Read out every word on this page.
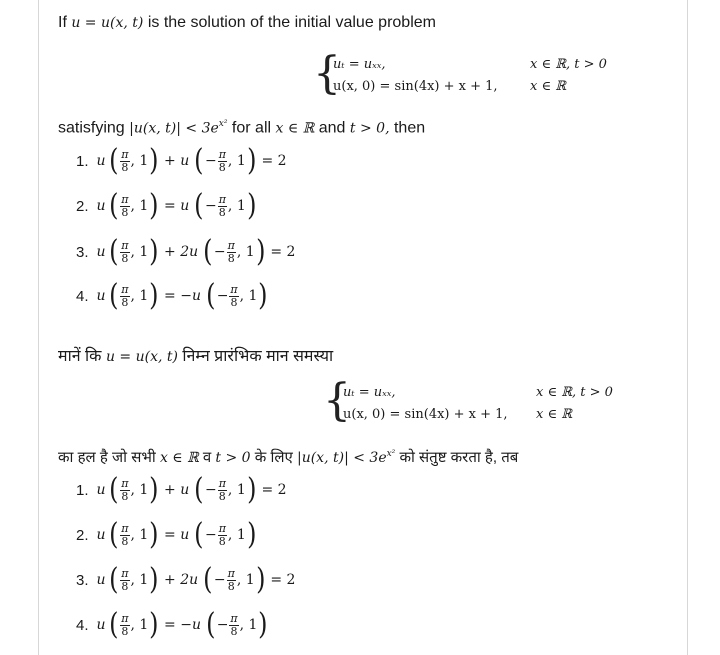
If u = u(x, t) is the solution of the initial value problem
{
uₜ = uₓₓ,	x ∈ ℝ, t > 0
u(x, 0) = sin(4x) + x + 1, x ∈ ℝ
satisfying |u(x, $t)| < 3e^{x^2}$ for all x ∈ ℝ and t > 0, then
1. u ( $\frac{\pi}{8}$ , 1 ) + u ( − $\frac{\pi}{8}$ , 1 ) = 2
2. u ( $\frac{\pi}{8}$ , 1 ) = u ( − $\frac{\pi}{8}$ , 1 )
3. u ( $\frac{\pi}{8}$ , 1 ) + 2u ( − $\frac{\pi}{8}$ , 1 ) = 2
4. u ( $\frac{\pi}{8}$ , 1 ) = −u ( − $\frac{\pi}{8}$ , 1 )
मानें कि u = u(x, t) निम्न प्रारंभिक मान समस्या
{
uₜ = uₓₓ,	x ∈ ℝ, t > 0
u(x, 0) = sin(4x) + x + 1, x ∈ ℝ
का हल है जो सभी x ∈ ℝ व t > 0 के लिए |u(x, $t)| < 3e^{x^2}$ को संतुष्ट करता है, तब
1. u ( $\frac{\pi}{8}$ , 1 ) + u ( − $\frac{\pi}{8}$ , 1 ) = 2
2. u ( $\frac{\pi}{8}$ , 1 ) = u ( − $\frac{\pi}{8}$ , 1 )
3. u ( $\frac{\pi}{8}$ , 1 ) + 2u ( − $\frac{\pi}{8}$ , 1 ) = 2
4. u ( $\frac{\pi}{8}$ , 1 ) = −u ( − $\frac{\pi}{8}$ , 1 )
